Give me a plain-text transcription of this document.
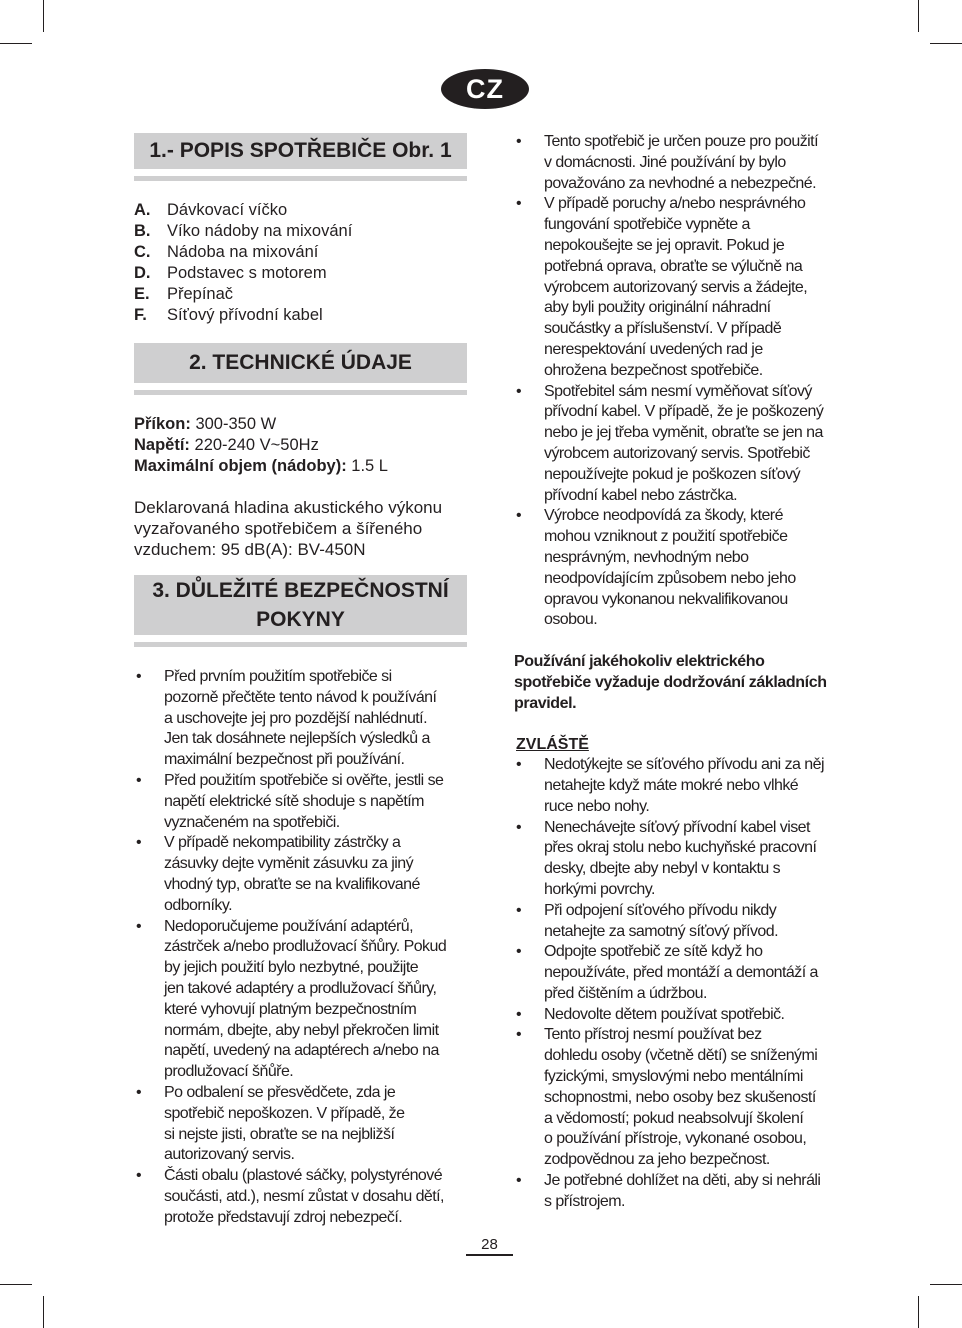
CZ
1.- POPIS SPOTŘEBIČE Obr. 1
A.	Dávkovací víčko
B.	Víko nádoby na mixování
C.	Nádoba na mixování
D.	Podstavec s motorem
E.	Přepínač
F.	Síťový přívodní kabel
2. TECHNICKÉ ÚDAJE
Příkon: 300-350 W
Napětí: 220-240 V~50Hz
Maximální objem (nádoby): 1.5 L
Deklarovaná hladina akustického výkonu
vyzařovaného spotřebičem a šířeného
vzduchem: 95 dB(A): BV-450N
3. DŮLEŽITÉ BEZPEČNOSTNÍ
POKYNY
• Před prvním použitím spotřebiče si
pozorně přečtěte tento návod k používání
a uschovejte jej pro pozdější nahlédnutí.
Jen tak dosáhnete nejlepších výsledků a
maximální bezpečnost při používání.
• Před použitím spotřebiče si ověřte, jestli se
napětí elektrické sítě shoduje s napětím
vyznačeném na spotřebiči.
• V případě nekompatibility zástrčky a
zásuvky dejte vyměnit zásuvku za jiný
vhodný typ, obraťte se na kvalifikované
odborníky.
• Nedoporučujeme používání adaptérů,
zástrček a/nebo prodlužovací šňůry. Pokud
by jejich použití bylo nezbytné, použijte
jen takové adaptéry a prodlužovací šňůry,
které vyhovují platným bezpečnostním
normám, dbejte, aby nebyl překročen limit
napětí, uvedený na adaptérech a/nebo na
prodlužovací šňůře.
• Po odbalení se přesvědčete, zda je
spotřebič nepoškozen. V případě, že
si nejste jisti, obraťte se na nejbližší
autorizovaný servis.
• Části obalu (plastové sáčky, polystyrénové
součásti, atd.), nesmí zůstat v dosahu dětí,
protože představují zdroj nebezpečí.
• Tento spotřebič je určen pouze pro použití
v domácnosti. Jiné používání by bylo
považováno za nevhodné a nebezpečné.
• V případě poruchy a/nebo nesprávného
fungování spotřebiče vypněte a
nepokoušejte se jej opravit. Pokud je
potřebná oprava, obraťte se výlučně na
výrobcem autorizovaný servis a žádejte,
aby byli použity originální náhradní
součástky a příslušenství. V případě
nerespektování uvedených rad je
ohrožena bezpečnost spotřebiče.
• Spotřebitel sám nesmí vyměňovat síťový
přívodní kabel. V případě, že je poškozený
nebo je jej třeba vyměnit, obraťte se jen na
výrobcem autorizovaný servis. Spotřebič
nepoužívejte pokud je poškozen síťový
přívodní kabel nebo zástrčka.
• Výrobce neodpovídá za škody, které
mohou vzniknout z použití spotřebiče
nesprávným, nevhodným nebo
neodpovídajícím způsobem nebo jeho
opravou vykonanou nekvalifikovanou
osobou.
Používání jakéhokoliv elektrického
spotřebiče vyžaduje dodržování základních
pravidel.
ZVLÁŠTĚ
• Nedotýkejte se síťového přívodu ani za něj
netahejte když máte mokré nebo vlhké
ruce nebo nohy.
• Nenechávejte síťový přívodní kabel viset
přes okraj stolu nebo kuchyňské pracovní
desky, dbejte aby nebyl v kontaktu s
horkými povrchy.
• Při odpojení síťového přívodu nikdy
netahejte za samotný síťový přívod.
• Odpojte spotřebič ze sítě když ho
nepoužíváte, před montáží a demontáží a
před čištěním a údržbou.
• Nedovolte dětem používat spotřebič.
• Tento přístroj nesmí používat bez
dohledu osoby (včetně dětí) se sníženými
fyzickými, smyslovými nebo mentálními
schopnostmi, nebo osoby bez skušeností
a vědomostí; pokud neabsolvují školení
o používání přístroje, vykonané osobou,
zodpovědnou za jeho bezpečnost.
• Je potřebné dohlížet na děti, aby si nehráli
s přístrojem.
28
